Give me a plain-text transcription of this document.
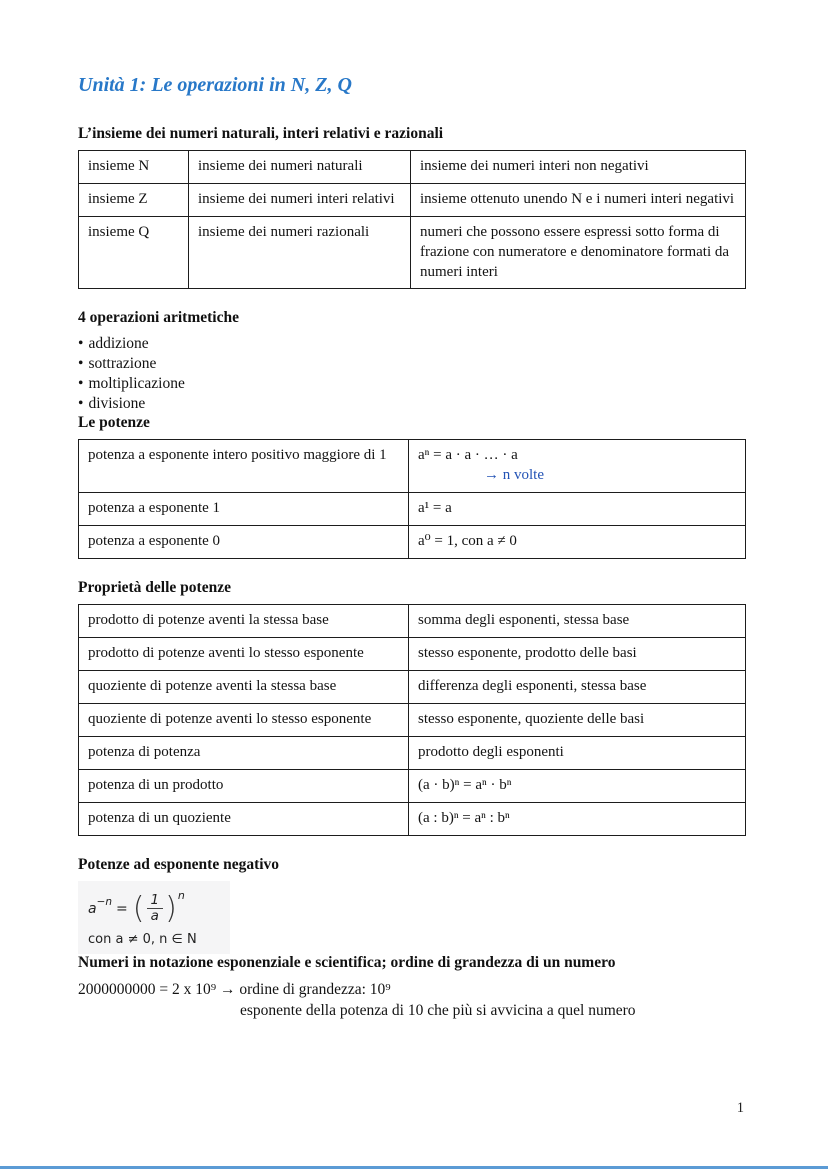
Unità 1: Le operazioni in N, Z, Q
L’insieme dei numeri naturali, interi relativi e razionali
insieme N	insieme dei numeri naturali	insieme dei numeri interi non negativi
insieme Z	insieme dei numeri interi relativi	insieme ottenuto unendo N e i numeri interi negativi
insieme Q	insieme dei numeri razionali	numeri che possono essere espressi sotto forma di frazione con numeratore e denominatore formati da numeri interi
4 operazioni aritmetiche
• addizione
• sottrazione
• moltiplicazione
• divisione
Le potenze
potenza a esponente intero positivo maggiore di 1	aⁿ = a · a · … · a
→ n volte

potenza a esponente 1	a¹ = a
potenza a esponente 0	a⁰ = 1, con a ≠ 0
Proprietà delle potenze
prodotto di potenze aventi la stessa base	somma degli esponenti, stessa base
prodotto di potenze aventi lo stesso esponente	stesso esponente, prodotto delle basi
quoziente di potenze aventi la stessa base	differenza degli esponenti, stessa base
quoziente di potenze aventi lo stesso esponente	stesso esponente, quoziente delle basi
potenza di potenza	prodotto degli esponenti
potenza di un prodotto	(a · b)ⁿ = aⁿ · bⁿ
potenza di un quoziente	(a : b)ⁿ = aⁿ : bⁿ
Potenze ad esponente negativo
a −n = ( $\frac{1}{a}$ ) n
con a ≠ 0, n ∈ N
Numeri in notazione esponenziale e scientifica; ordine di grandezza di un numero
2000000000 = 2 x 10⁹ → ordine di grandezza: 10⁹
esponente della potenza di 10 che più si avvicina a quel numero
1
